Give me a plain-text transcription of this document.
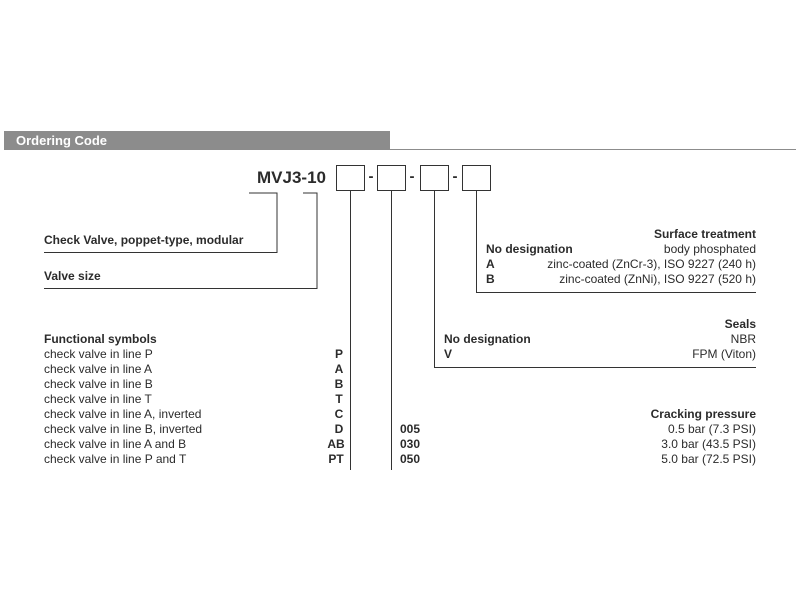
Ordering Code
MVJ3-10	- -	-
Check Valve, poppet-type, modular
Valve size
Surface treatment
No designation	body phosphated
A	zinc-coated (ZnCr-3), ISO 9227 (240 h)
B	zinc-coated (ZnNi), ISO 9227 (520 h)
Seals
No designation	NBR
V	FPM (Viton)
Functional symbols
check valve in line P	P
check valve in line A	A
check valve in line B	B
check valve in line T	T
check valve in line A, inverted	C
check valve in line B, inverted	D
check valve in line A and B	AB
check valve in line P and T	PT
Cracking pressure
005	0.5 bar (7.3 PSI)
030	3.0 bar (43.5 PSI)
050	5.0 bar (72.5 PSI)
